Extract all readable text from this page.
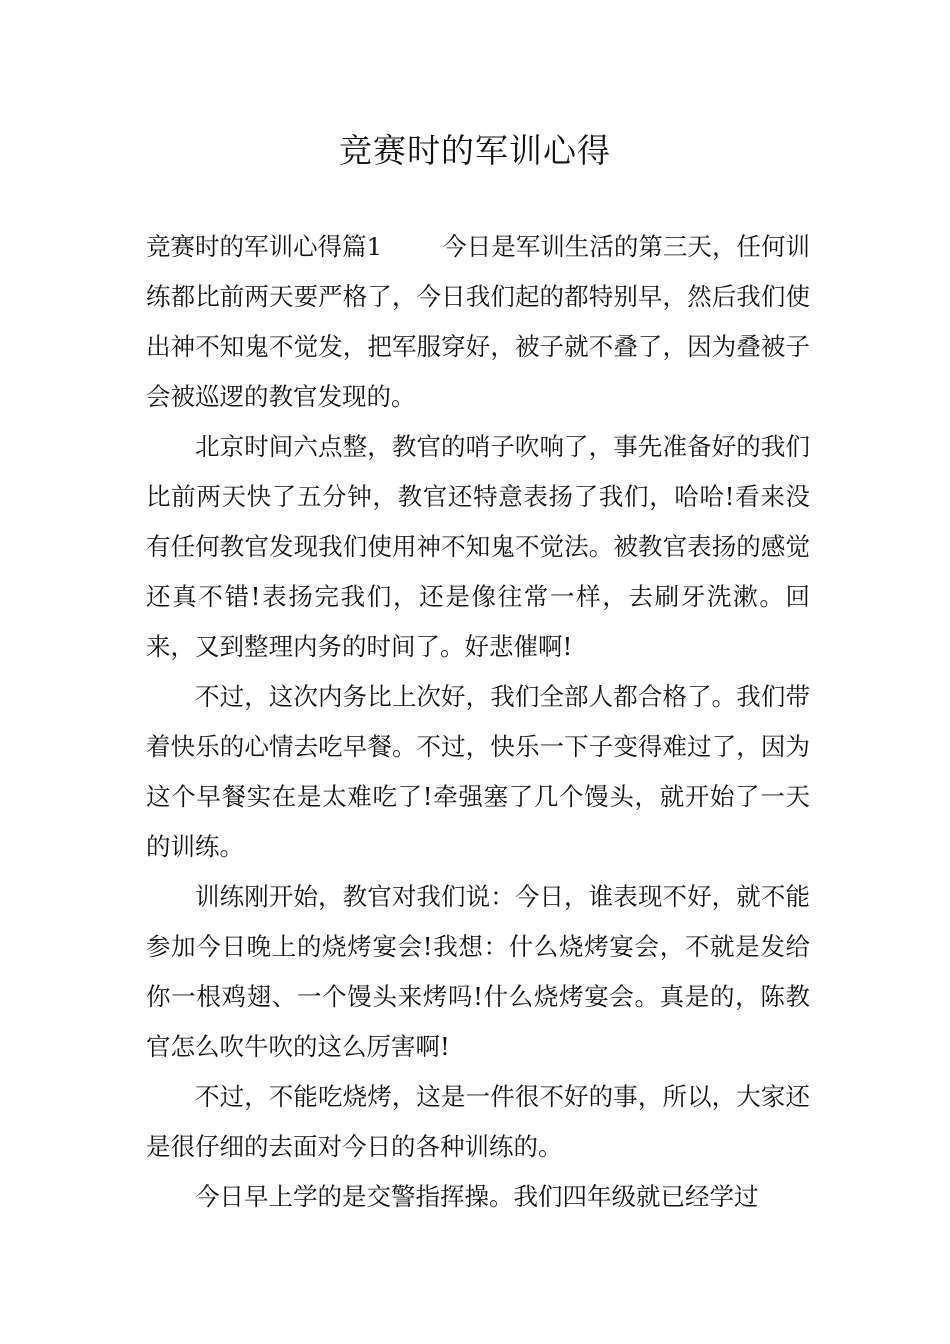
竞赛时的军训心得

竞赛时的军训心得篇1 今日是军训生活的第三天，任何训练都比前两天要严格了，今日我们起的都特别早，然后我们使出神不知鬼不觉发，把军服穿好，被子就不叠了，因为叠被子会被巡逻的教官发现的。

北京时间六点整，教官的哨子吹响了，事先准备好的我们比前两天快了五分钟，教官还特意表扬了我们，哈哈!看来没有任何教官发现我们使用神不知鬼不觉法。被教官表扬的感觉还真不错!表扬完我们，还是像往常一样，去刷牙洗漱。回来，又到整理内务的时间了。好悲催啊!

不过，这次内务比上次好，我们全部人都合格了。我们带着快乐的心情去吃早餐。不过，快乐一下子变得难过了，因为这个早餐实在是太难吃了!牵强塞了几个馒头，就开始了一天的训练。

训练刚开始，教官对我们说：今日，谁表现不好，就不能参加今日晚上的烧烤宴会!我想：什么烧烤宴会，不就是发给你一根鸡翅、一个馒头来烤吗!什么烧烤宴会。真是的，陈教官怎么吹牛吹的这么厉害啊!

不过，不能吃烧烤，这是一件很不好的事，所以，大家还是很仔细的去面对今日的各种训练的。

今日早上学的是交警指挥操。我们四年级就已经学过
